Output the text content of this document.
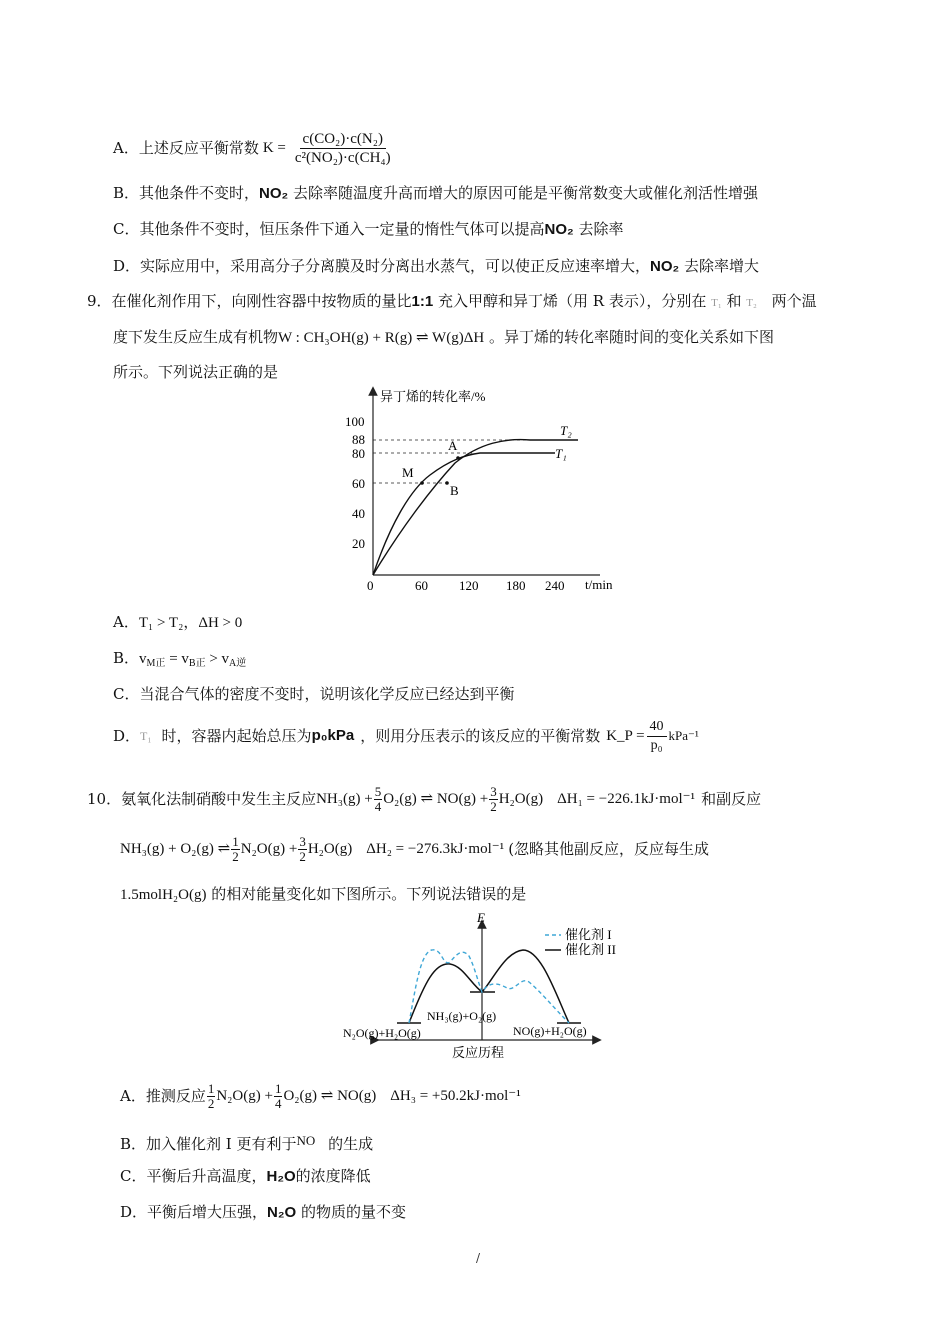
A．上述反应平衡常数 $K = \frac{\text{c(CO₂)·c(N₂)}}{\text{c²(NO₂)·c(CH₄)}}$
B．其他条件不变时，NO₂ 去除率随温度升高而增大的原因可能是平衡常数变大或催化剂活性增强
C．其他条件不变时，恒压条件下通入一定量的惰性气体可以提高NO₂ 去除率
D．实际应用中，采用高分子分离膜及时分离出水蒸气，可以使正反应速率增大，NO₂ 去除率增大
9．在催化剂作用下，向刚性容器中按物质的量比1:1 充入甲醇和异丁烯（用 R 表示），分别在 T₁ 和 T₂ 两个温
度下发生反应生成有机物W : CH₃OH(g) + R(g) ⇌ W(g)ΔH 。异丁烯的转化率随时间的变化关系如下图
所示。下列说法正确的是
异丁烯的转化率/%
t/min
100
88
80
60
40
20
0	60 120 180 240
T₂
T₁
A
M
B
A．T₁ > T₂，ΔH > 0
B．$v_{M正} = v_{B正} > v_{A逆}$
C．当混合气体的密度不变时，说明该化学反应已经达到平衡
D． T₁ 时，容器内起始总压为 p₀kPa ，则用分压表示的该反应的平衡常数 K_P = $\frac{40}{\text{p₀}} kPa^{-1}$
10．氨氧化法制硝酸中发生主反应 $NH_3(g) + \frac{5}{4} O_2(g)$ ⇌ $NO(g) + \frac{3}{2} H_2O(g) \Delta H_1 = -226.1kJ\cdot mol^{-1}$ 和副反应
NH₃(g) + O₂(g) ⇌ 1
2 $N_2O(g) + \frac{3}{2} H_2O(g) \Delta H_2 = -276.3kJ\cdot mol^{-1}$ (忽略其他副反应，反应每生成
1.5molH₂O(g) 的相对能量变化如下图所示。下列说法错误的是
E
催化剂 I
催化剂 II
NH₃(g)+O₂(g)
N₂O(g)+H₂O(g)	NO(g)+H₂O(g)
反应历程
A．推测反应 1
2 $N_2O(g) + \frac{1}{4} O_2(g)$ ⇌ NO(g) ΔH₃ = +50.2kJ·mol⁻¹
B．加入催化剂 I 更有利于NO 的生成
C．平衡后升高温度，H₂O的浓度降低
D．平衡后增大压强，N₂O 的物质的量不变
/
